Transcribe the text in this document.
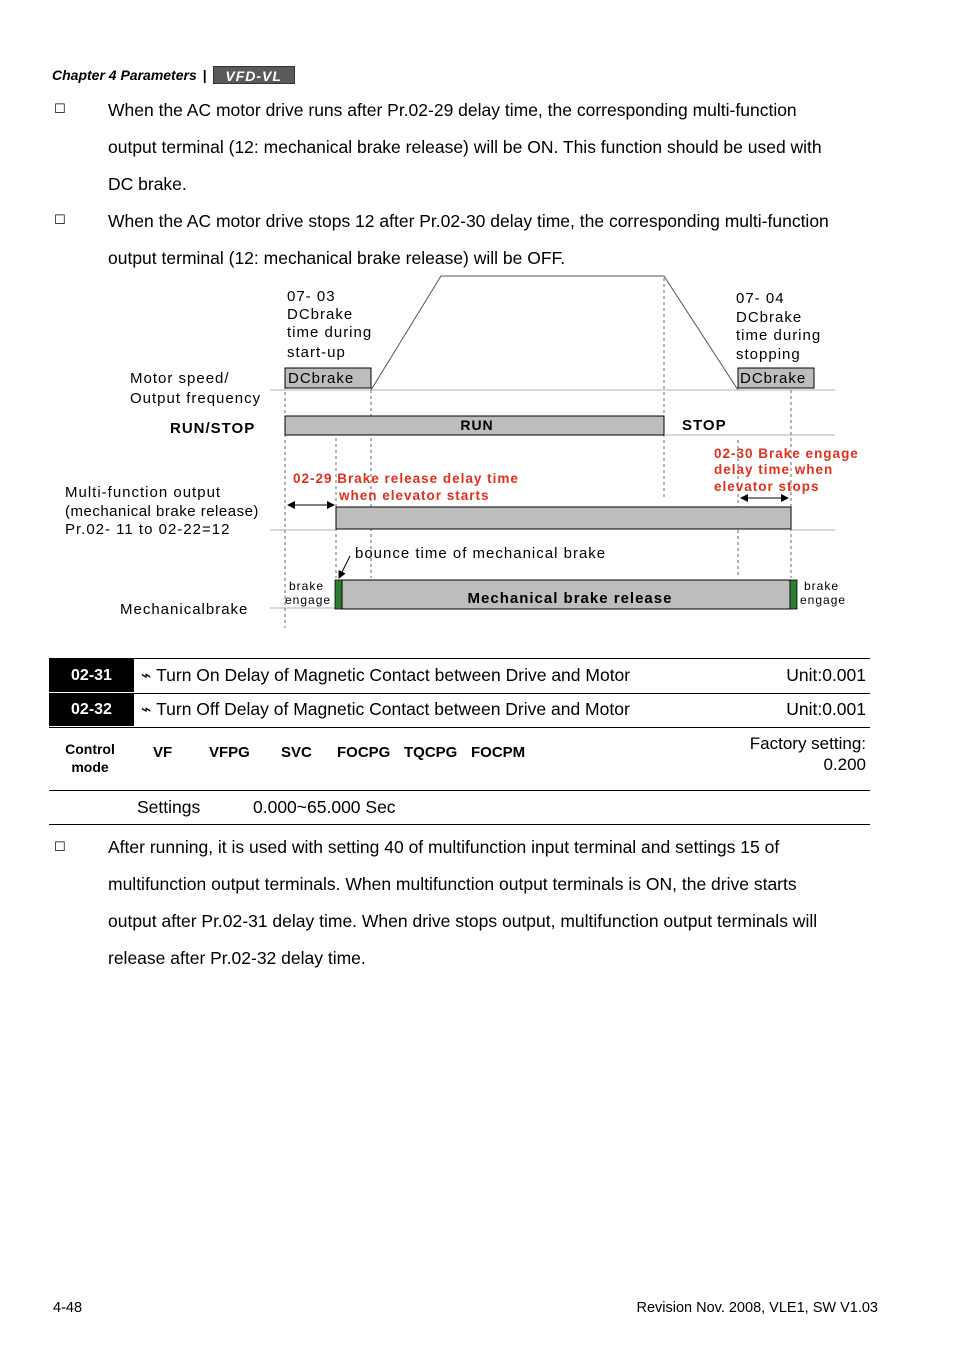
Chapter 4 Parameters |	VFD-VL
☐	When the AC motor drive runs after Pr.02-29 delay time, the corresponding multi-function
output terminal (12: mechanical brake release) will be ON. This function should be used with
DC brake.
☐	When the AC motor drive stops 12 after Pr.02-30 delay time, the corresponding multi-function
output terminal (12: mechanical brake release) will be OFF.
DCbrake	DCbrake
07- 03
DCbrake
time during
start-up
07- 04
DCbrake
time during
stopping
Motor speed/
Output frequency
RUN/STOP	RUN	STOP
02-29 Brake release delay time
when elevator starts
02-30 Brake engage
delay time when
elevator stops
Multi-function output
(mechanical brake release)
Pr.02- 11 to 02-22=12
bounce time of mechanical brake
Mechanicalbrake
brake
engage	Mechanical brake release
brake
engage
02-31	⌁ Turn On Delay of Magnetic Contact between Drive and Motor	Unit:0.001
02-32	⌁ Turn Off Delay of Magnetic Contact between Drive and Motor	Unit:0.001
Control
mode
VF	VFPG	SVC	FOCPG TQCPG FOCPM	Factory setting:
0.200
Settings	0.000~65.000 Sec
☐	After running, it is used with setting 40 of multifunction input terminal and settings 15 of
multifunction output terminals. When multifunction output terminals is ON, the drive starts
output after Pr.02-31 delay time. When drive stops output, multifunction output terminals will
release after Pr.02-32 delay time.
4-48	Revision Nov. 2008, VLE1, SW V1.03
